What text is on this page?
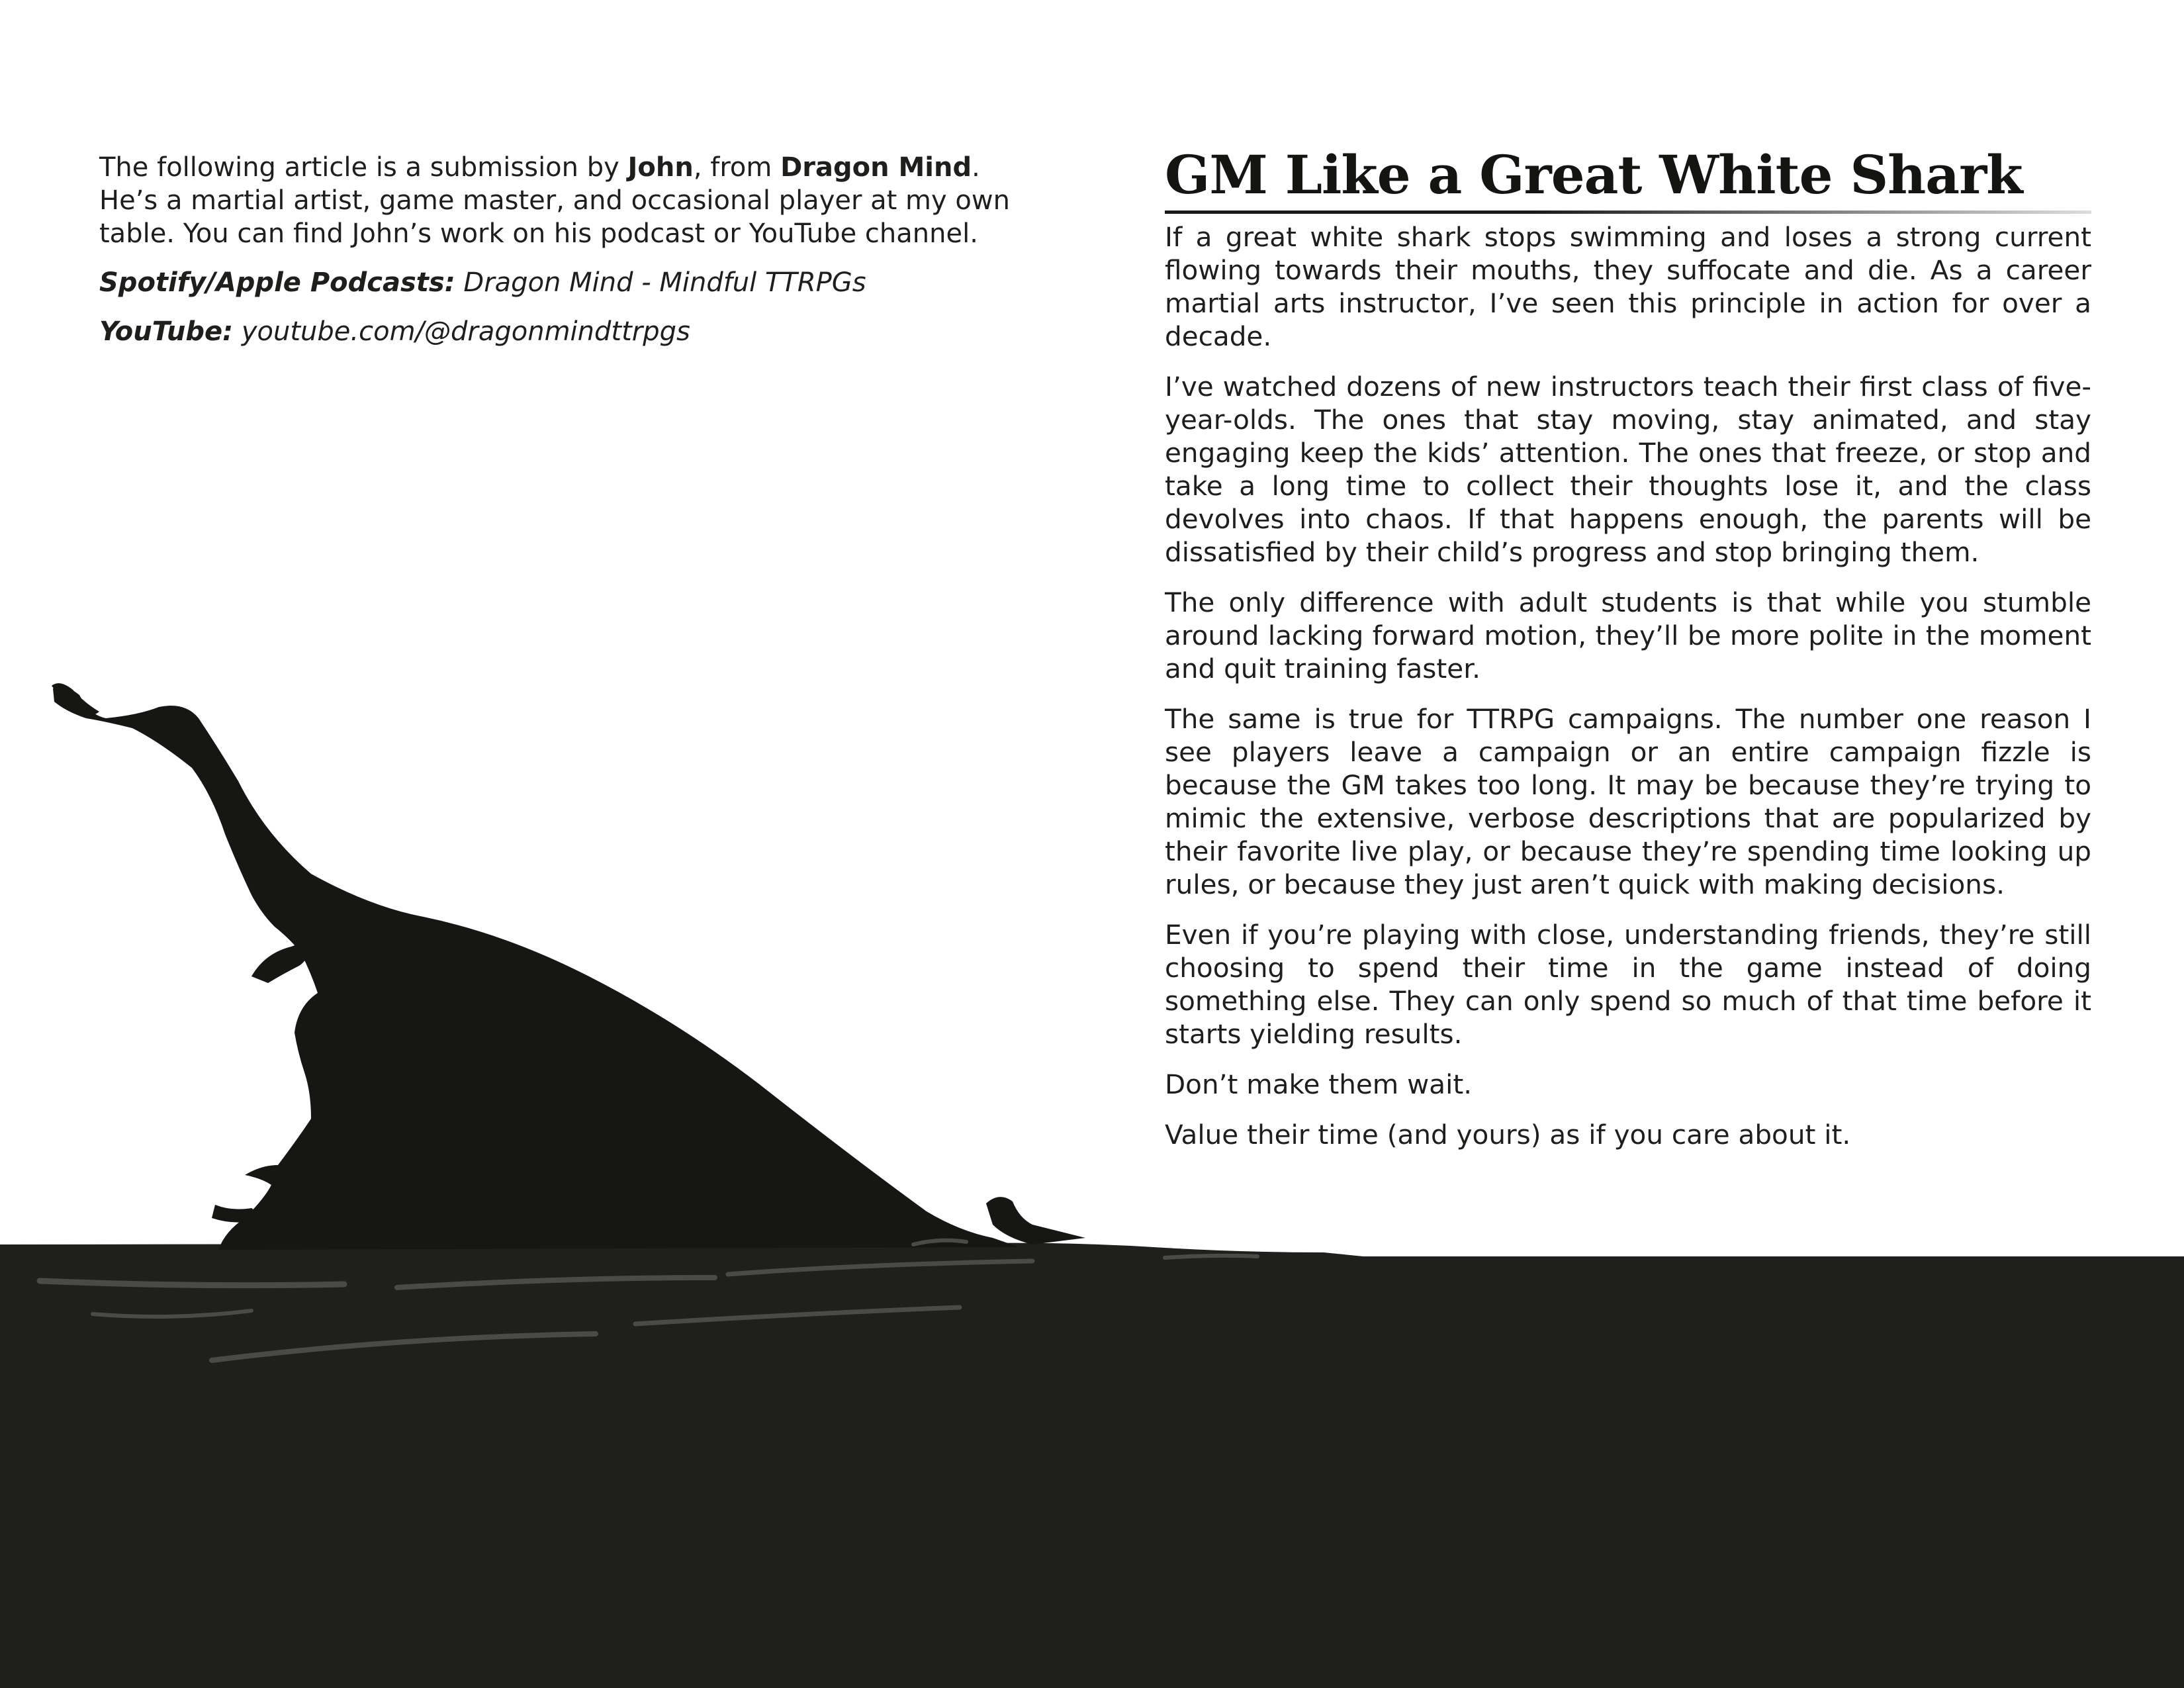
The following article is a submission by John, from Dragon Mind. He’s a martial artist, game master, and occasional player at my own table. You can find John’s work on his podcast or YouTube channel.

Spotify/Apple Podcasts: Dragon Mind - Mindful TTRPGs

YouTube: youtube.com/@dragonmindttrpgs

GM Like a Great White Shark

If a great white shark stops swimming and loses a strong current flowing towards their mouths, they suffocate and die. As a career martial arts instructor, I’ve seen this principle in action for over a decade.

I’ve watched dozens of new instructors teach their first class of five-year-olds. The ones that stay moving, stay animated, and stay engaging keep the kids’ attention. The ones that freeze, or stop and take a long time to collect their thoughts lose it, and the class devolves into chaos. If that happens enough, the parents will be dissatisfied by their child’s progress and stop bringing them.

The only difference with adult students is that while you stumble around lacking forward motion, they’ll be more polite in the moment and quit training faster.

The same is true for TTRPG campaigns. The number one reason I see players leave a campaign or an entire campaign fizzle is because the GM takes too long. It may be because they’re trying to mimic the extensive, verbose descriptions that are popularized by their favorite live play, or because they’re spending time looking up rules, or because they just aren’t quick with making decisions.

Even if you’re playing with close, understanding friends, they’re still choosing to spend their time in the game instead of doing something else. They can only spend so much of that time before it starts yielding results.

Don’t make them wait.

Value their time (and yours) as if you care about it.
